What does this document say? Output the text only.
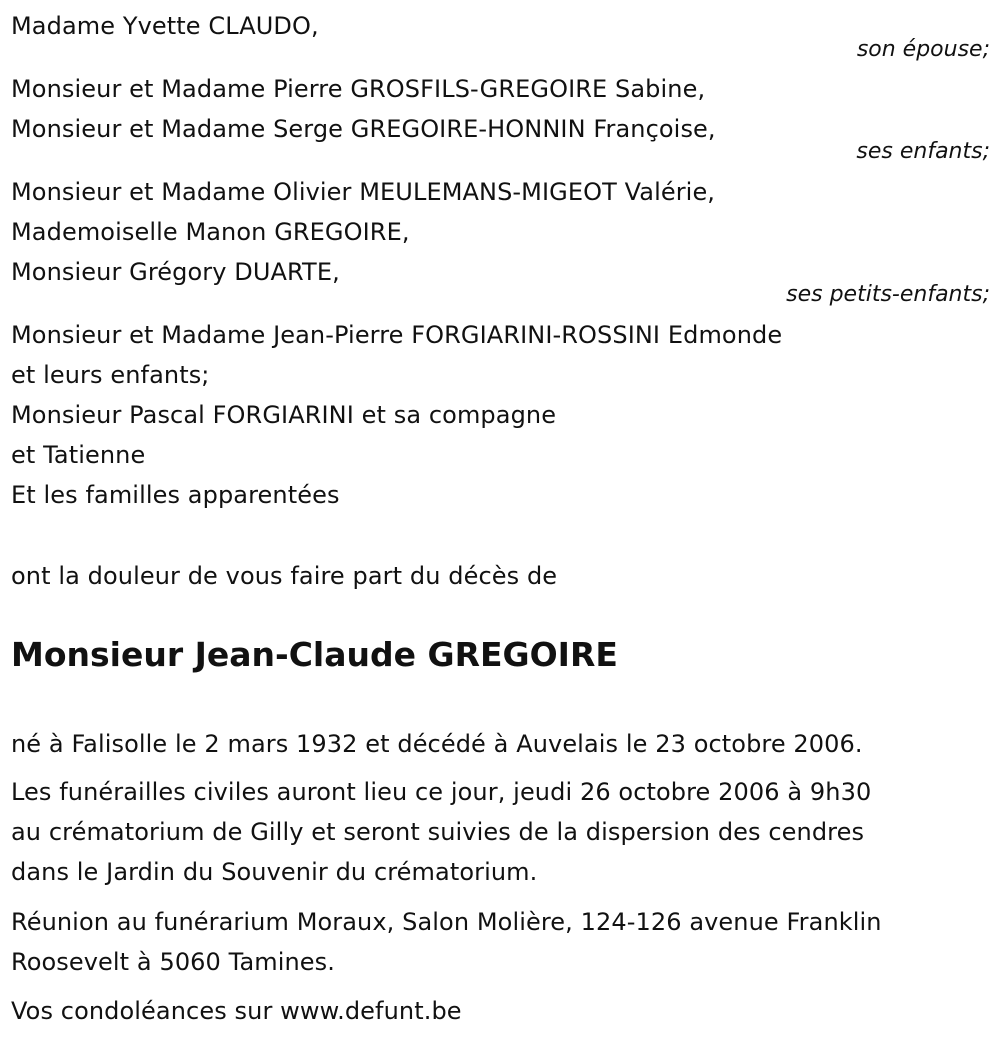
Madame Yvette CLAUDO,
son épouse;
Monsieur et Madame Pierre GROSFILS-GREGOIRE Sabine,
Monsieur et Madame Serge GREGOIRE-HONNIN Françoise,
ses enfants;
Monsieur et Madame Olivier MEULEMANS-MIGEOT Valérie,
Mademoiselle Manon GREGOIRE,
Monsieur Grégory DUARTE,
ses petits-enfants;
Monsieur et Madame Jean-Pierre FORGIARINI-ROSSINI Edmonde
et leurs enfants;
Monsieur Pascal FORGIARINI et sa compagne
et Tatienne
Et les familles apparentées
ont la douleur de vous faire part du décès de
Monsieur Jean-Claude GREGOIRE
né à Falisolle le 2 mars 1932 et décédé à Auvelais le 23 octobre 2006.
Les funérailles civiles auront lieu ce jour, jeudi 26 octobre 2006 à 9h30
au crématorium de Gilly et seront suivies de la dispersion des cendres
dans le Jardin du Souvenir du crématorium.
Réunion au funérarium Moraux, Salon Molière, 124-126 avenue Franklin
Roosevelt à 5060 Tamines.
Vos condoléances sur www.defunt.be
